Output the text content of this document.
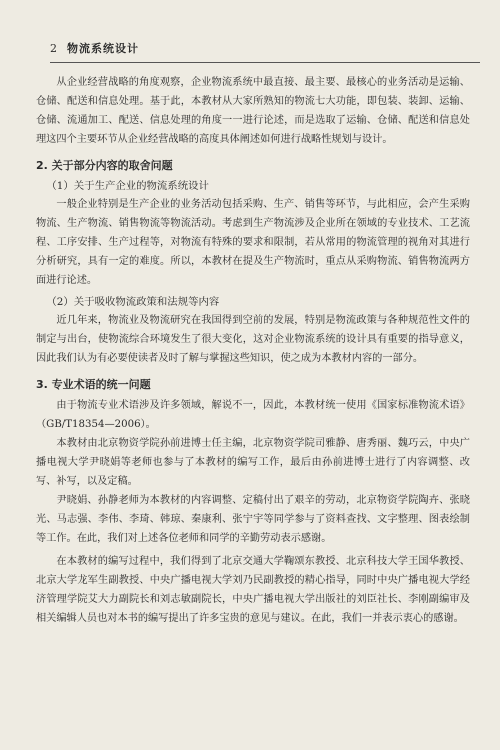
2 物流系统设计

从企业经营战略的角度观察，企业物流系统中最直接、最主要、最核心的业务活动是运输、仓储、配送和信息处理。基于此，本教材从大家所熟知的物流七大功能，即包装、装卸、运输、仓储、流通加工、配送、信息处理的角度一一进行论述，而是选取了运输、仓储、配送和信息处理这四个主要环节从企业经营战略的高度具体阐述如何进行战略性规划与设计。

2. 关于部分内容的取舍问题
（1）关于生产企业的物流系统设计

一般企业特别是生产企业的业务活动包括采购、生产、销售等环节，与此相应，会产生采购物流、生产物流、销售物流等物流活动。考虑到生产物流涉及企业所在领域的专业技术、工艺流程、工序安排、生产过程等，对物流有特殊的要求和限制，若从常用的物流管理的视角对其进行分析研究，具有一定的难度。所以，本教材在提及生产物流时，重点从采购物流、销售物流两方面进行论述。

（2）关于吸收物流政策和法规等内容

近几年来，物流业及物流研究在我国得到空前的发展，特别是物流政策与各种规范性文件的制定与出台，使物流综合环境发生了很大变化，这对企业物流系统的设计具有重要的指导意义，因此我们认为有必要使读者及时了解与掌握这些知识，使之成为本教材内容的一部分。

3. 专业术语的统一问题

由于物流专业术语涉及许多领域，解说不一，因此，本教材统一使用《国家标准物流术语》（GB/T18354—2006）。

本教材由北京物资学院孙前进博士任主编，北京物资学院司雅静、唐秀丽、魏巧云，中央广播电视大学尹晓娟等老师也参与了本教材的编写工作，最后由孙前进博士进行了内容调整、改写、补写，以及定稿。

尹晓娟、孙静老师为本教材的内容调整、定稿付出了艰辛的劳动，北京物资学院陶卉、张晓光、马志强、李伟、李琦、韩琼、秦康利、张宁宇等同学参与了资料查找、文字整理、图表绘制等工作。在此，我们对上述各位老师和同学的辛勤劳动表示感谢。

在本教材的编写过程中，我们得到了北京交通大学鞠颂东教授、北京科技大学王国华教授、北京大学龙军生副教授、中央广播电视大学刘乃民副教授的精心指导，同时中央广播电视大学经济管理学院艾大力副院长和刘志敏副院长，中央广播电视大学出版社的刘臣社长、李刚副编审及相关编辑人员也对本书的编写提出了许多宝贵的意见与建议。在此，我们一并表示衷心的感谢。
